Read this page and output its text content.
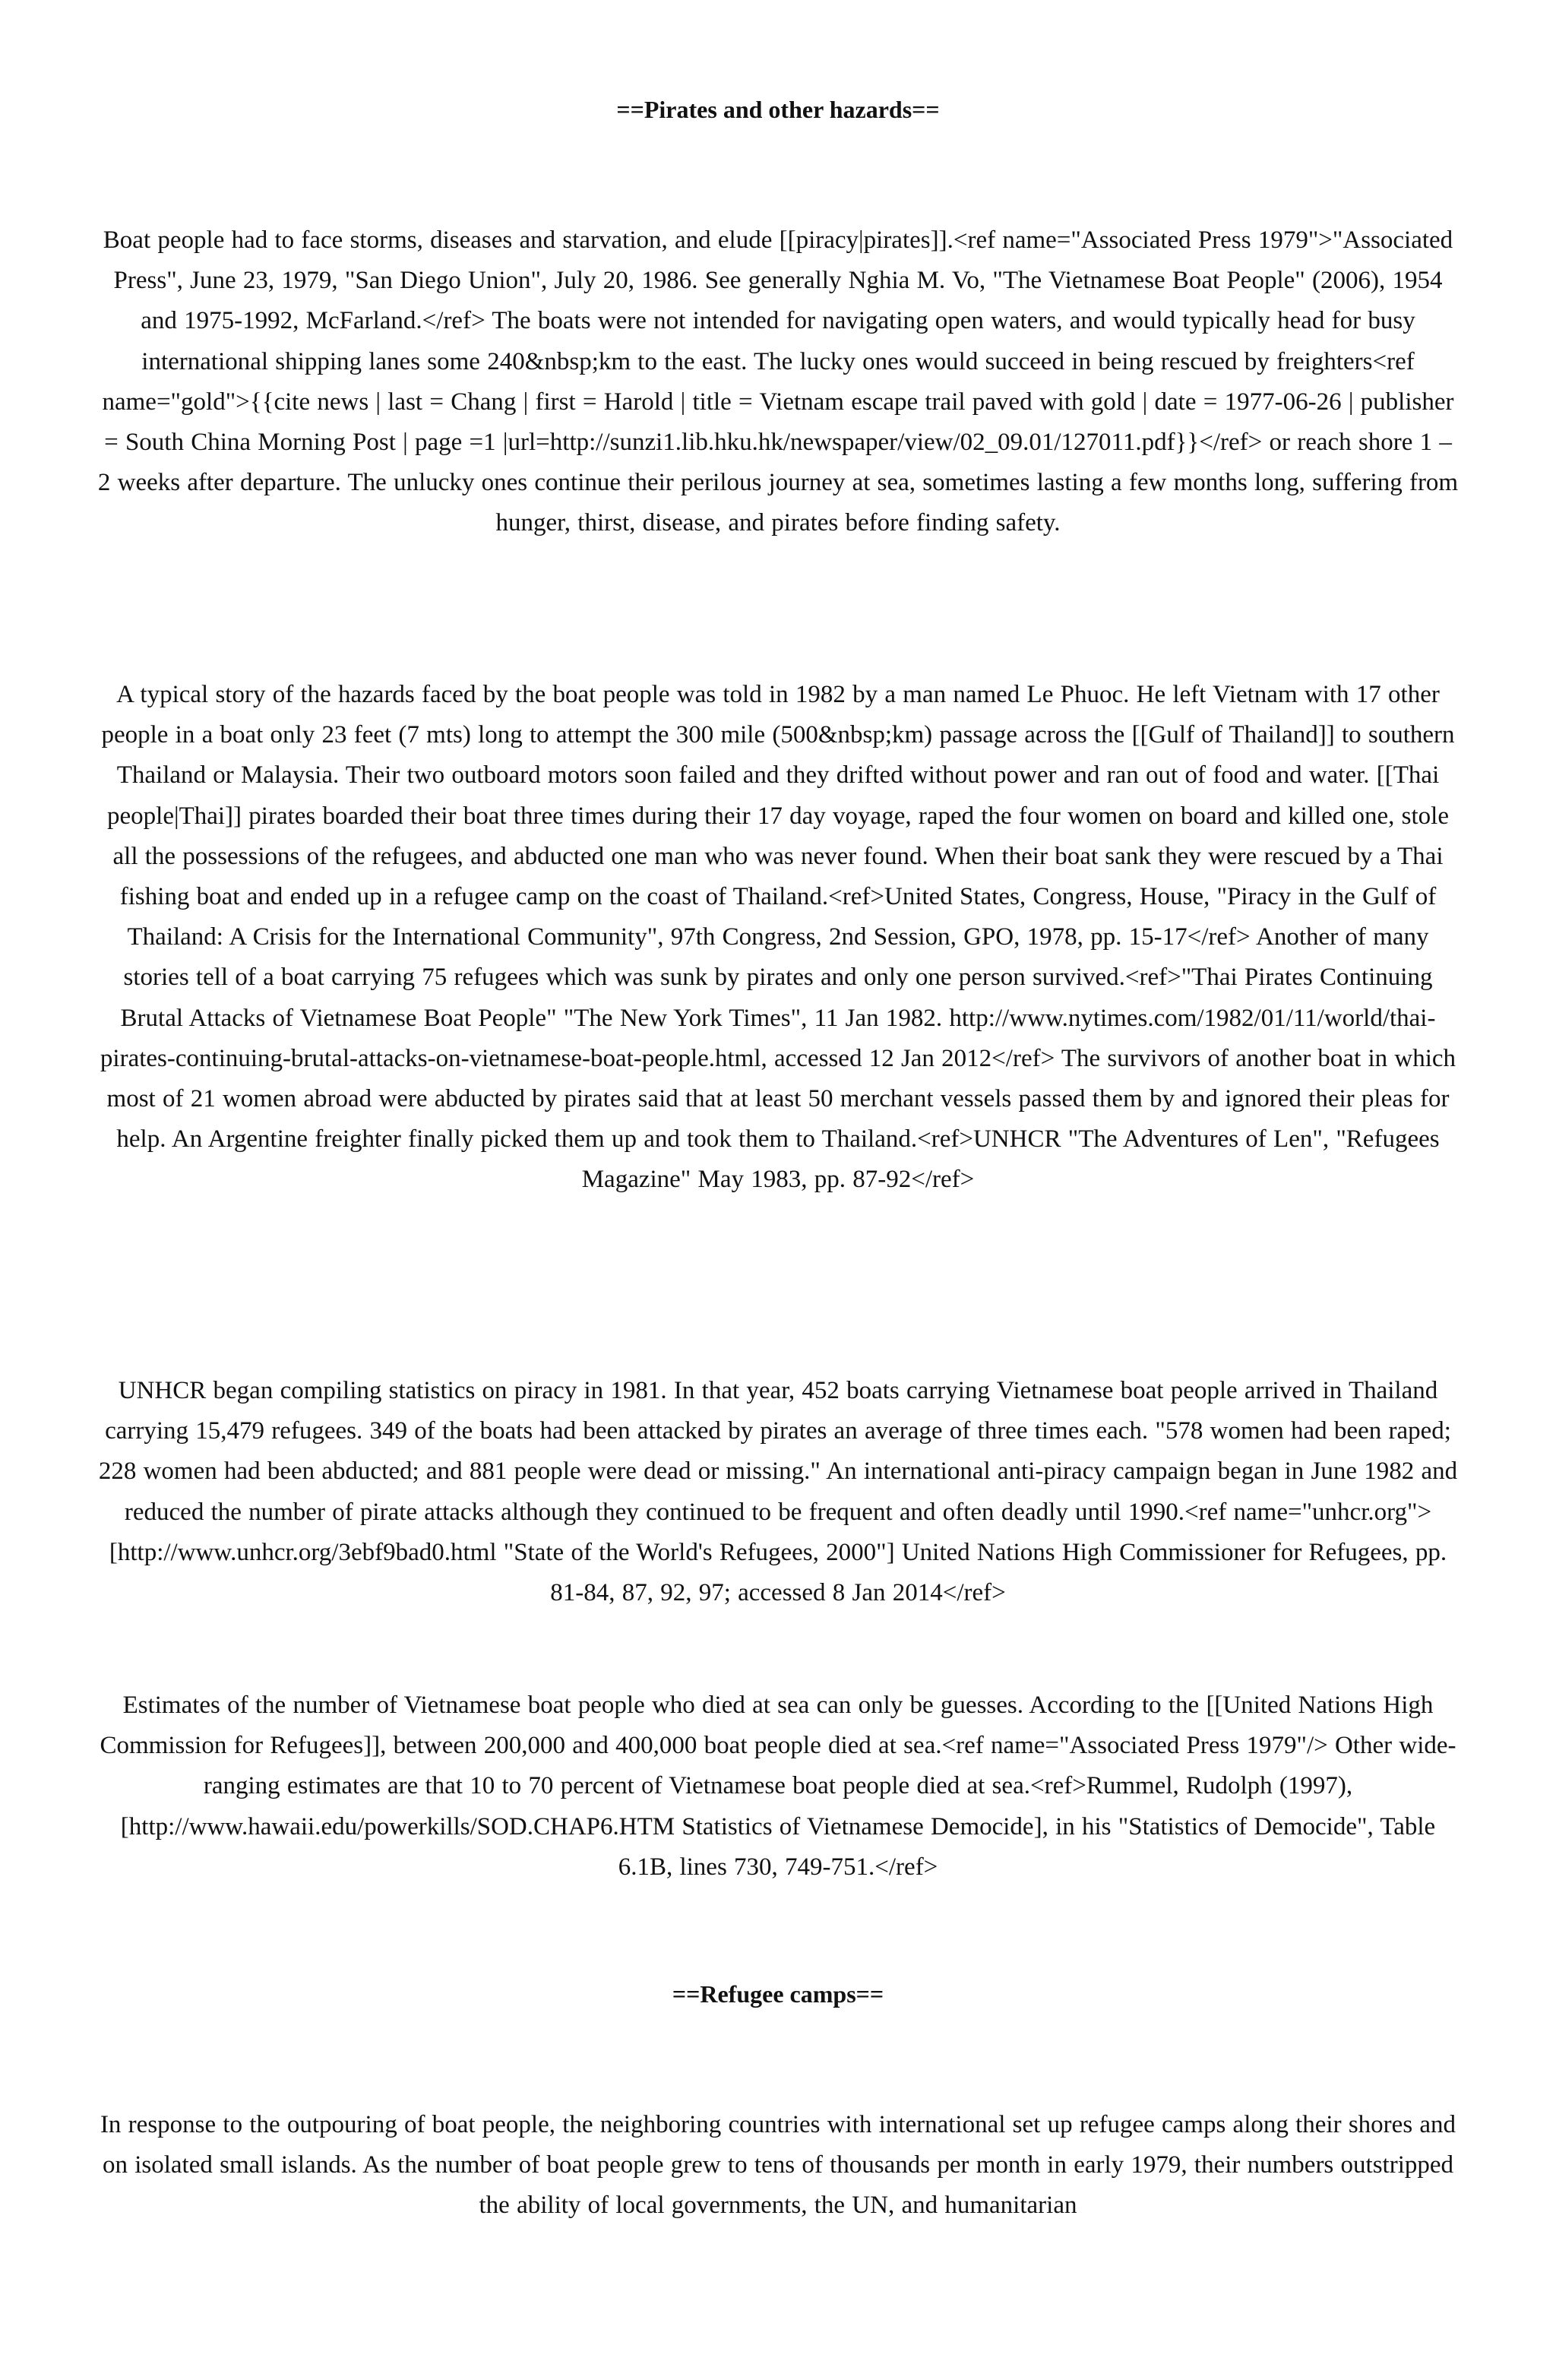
==Pirates and other hazards==

Boat people had to face storms, diseases and starvation, and elude [[piracy|pirates]].<ref name="Associated Press 1979">"Associated Press", June 23, 1979, "San Diego Union", July 20, 1986. See generally Nghia M. Vo, "The Vietnamese Boat People" (2006), 1954 and 1975-1992, McFarland.</ref> The boats were not intended for navigating open waters, and would typically head for busy international shipping lanes some 240&nbsp;km to the east. The lucky ones would succeed in being rescued by freighters<ref name="gold">{{cite news | last = Chang | first = Harold | title = Vietnam escape trail paved with gold | date = 1977-06-26 | publisher = South China Morning Post | page =1 |url=http://sunzi1.lib.hku.hk/newspaper/view/02_09.01/127011.pdf}}</ref> or reach shore 1 – 2 weeks after departure. The unlucky ones continue their perilous journey at sea, sometimes lasting a few months long, suffering from hunger, thirst, disease, and pirates before finding safety.

A typical story of the hazards faced by the boat people was told in 1982 by a man named Le Phuoc. He left Vietnam with 17 other people in a boat only 23 feet (7 mts) long to attempt the 300 mile (500&nbsp;km) passage across the [[Gulf of Thailand]] to southern Thailand or Malaysia. Their two outboard motors soon failed and they drifted without power and ran out of food and water. [[Thai people|Thai]] pirates boarded their boat three times during their 17 day voyage, raped the four women on board and killed one, stole all the possessions of the refugees, and abducted one man who was never found. When their boat sank they were rescued by a Thai fishing boat and ended up in a refugee camp on the coast of Thailand.<ref>United States, Congress, House, "Piracy in the Gulf of Thailand: A Crisis for the International Community", 97th Congress, 2nd Session, GPO, 1978, pp. 15-17</ref> Another of many stories tell of a boat carrying 75 refugees which was sunk by pirates and only one person survived.<ref>"Thai Pirates Continuing Brutal Attacks of Vietnamese Boat People" "The New York Times", 11 Jan 1982. http://www.nytimes.com/1982/01/11/world/thai-pirates-continuing-brutal-attacks-on-vietnamese-boat-people.html, accessed 12 Jan 2012</ref> The survivors of another boat in which most of 21 women abroad were abducted by pirates said that at least 50 merchant vessels passed them by and ignored their pleas for help. An Argentine freighter finally picked them up and took them to Thailand.<ref>UNHCR "The Adventures of Len", "Refugees Magazine" May 1983, pp. 87-92</ref>

UNHCR began compiling statistics on piracy in 1981. In that year, 452 boats carrying Vietnamese boat people arrived in Thailand carrying 15,479 refugees. 349 of the boats had been attacked by pirates an average of three times each. "578 women had been raped; 228 women had been abducted; and 881 people were dead or missing." An international anti-piracy campaign began in June 1982 and reduced the number of pirate attacks although they continued to be frequent and often deadly until 1990.<ref name="unhcr.org">[http://www.unhcr.org/3ebf9bad0.html "State of the World's Refugees, 2000"] United Nations High Commissioner for Refugees, pp. 81-84, 87, 92, 97; accessed 8 Jan 2014</ref>

Estimates of the number of Vietnamese boat people who died at sea can only be guesses. According to the [[United Nations High Commission for Refugees]], between 200,000 and 400,000 boat people died at sea.<ref name="Associated Press 1979"/> Other wide-ranging estimates are that 10 to 70 percent of Vietnamese boat people died at sea.<ref>Rummel, Rudolph (1997), [http://www.hawaii.edu/powerkills/SOD.CHAP6.HTM Statistics of Vietnamese Democide], in his "Statistics of Democide", Table 6.1B, lines 730, 749-751.</ref>

==Refugee camps==

In response to the outpouring of boat people, the neighboring countries with international set up refugee camps along their shores and on isolated small islands. As the number of boat people grew to tens of thousands per month in early 1979, their numbers outstripped the ability of local governments, the UN, and humanitarian
